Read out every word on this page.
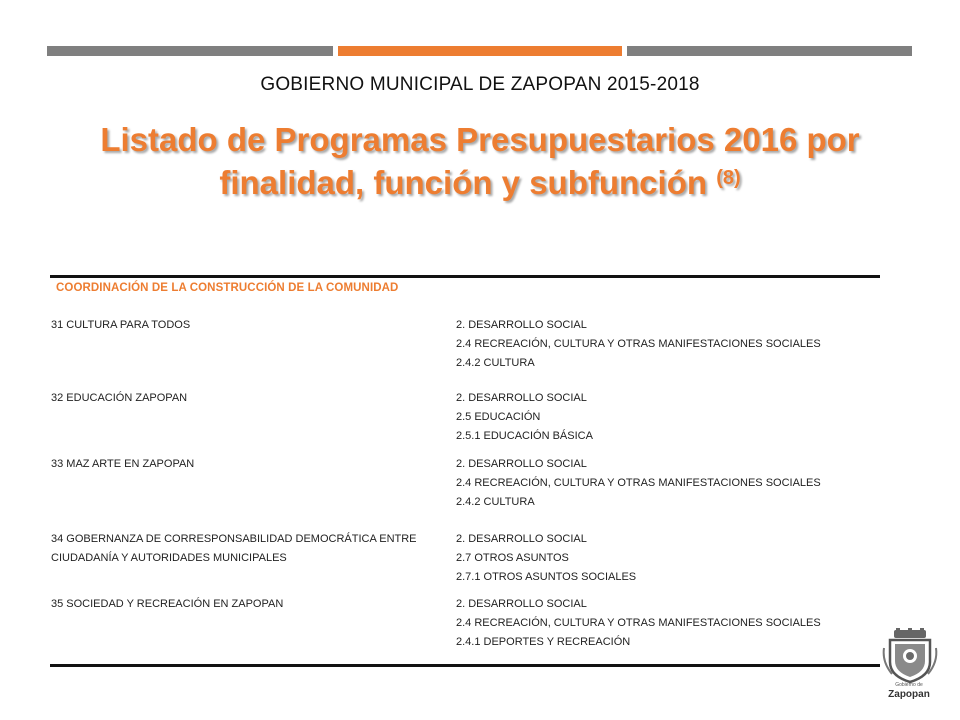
GOBIERNO MUNICIPAL DE ZAPOPAN 2015-2018
Listado de Programas Presupuestarios 2016 por finalidad, función y subfunción $^{(8)}$
COORDINACIÓN DE LA CONSTRUCCIÓN DE LA COMUNIDAD
31 CULTURA PARA TODOS	2. DESARROLLO SOCIAL
2.4 RECREACIÓN, CULTURA Y OTRAS MANIFESTACIONES SOCIALES
2.4.2 CULTURA
32 EDUCACIÓN ZAPOPAN	2. DESARROLLO SOCIAL
2.5 EDUCACIÓN
2.5.1 EDUCACIÓN BÁSICA
33 MAZ ARTE EN ZAPOPAN	2. DESARROLLO SOCIAL
2.4 RECREACIÓN, CULTURA Y OTRAS MANIFESTACIONES SOCIALES
2.4.2 CULTURA
34 GOBERNANZA DE CORRESPONSABILIDAD DEMOCRÁTICA ENTRE CIUDADANÍA Y AUTORIDADES MUNICIPALES
2. DESARROLLO SOCIAL
2.7 OTROS ASUNTOS
2.7.1 OTROS ASUNTOS SOCIALES
35 SOCIEDAD Y RECREACIÓN EN ZAPOPAN	2. DESARROLLO SOCIAL
2.4 RECREACIÓN, CULTURA Y OTRAS MANIFESTACIONES SOCIALES
2.4.1 DEPORTES Y RECREACIÓN
Gobierno de
Zapopan
